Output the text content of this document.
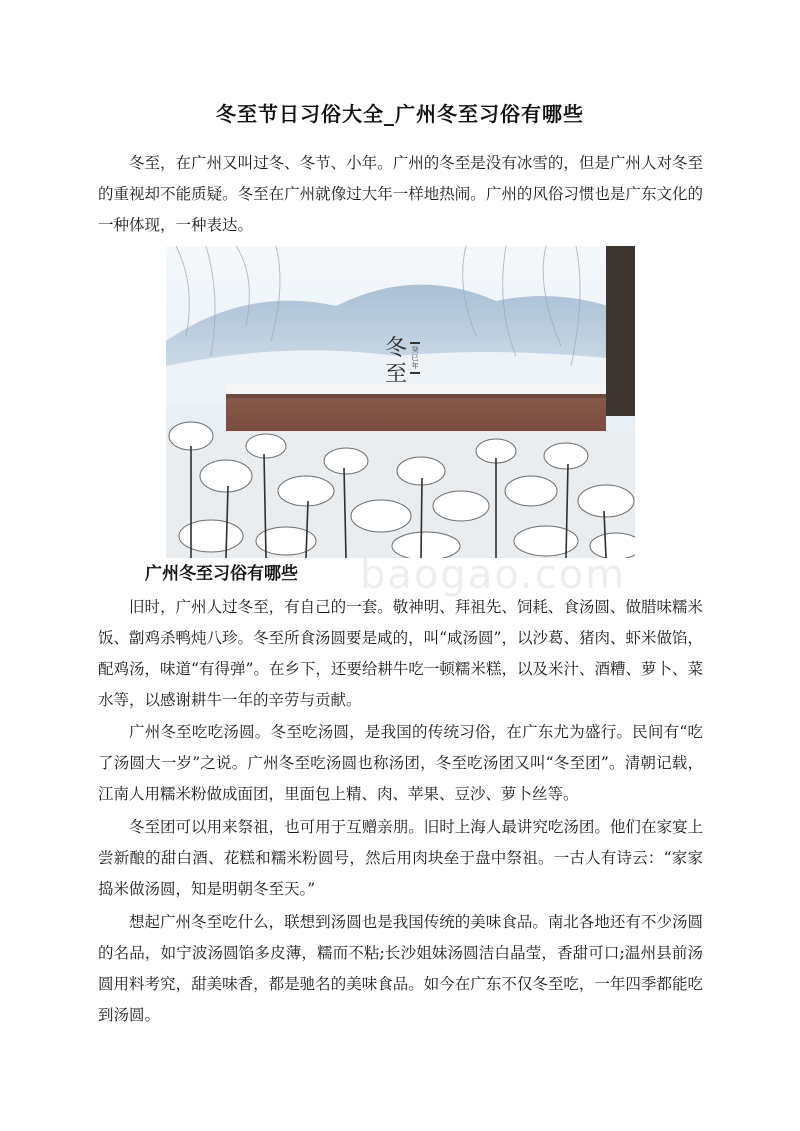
冬至节日习俗大全_广州冬至习俗有哪些
冬至，在广州又叫过冬、冬节、小年。广州的冬至是没有冰雪的，但是广州人对冬至的重视却不能质疑。冬至在广州就像过大年一样地热闹。广州的风俗习惯也是广东文化的一种体现，一种表达。
冬至
癸巳年
baogao.com
广州冬至习俗有哪些
旧时，广州人过冬至，有自己的一套。敬神明、拜祖先、饲耗、食汤圆、做腊味糯米饭、劏鸡杀鸭炖八珍。冬至所食汤圆要是咸的，叫“咸汤圆”，以沙葛、猪肉、虾米做馅，配鸡汤，味道“有得弹”。在乡下，还要给耕牛吃一顿糯米糕，以及米汁、酒糟、萝卜、菜水等，以感谢耕牛一年的辛劳与贡献。
广州冬至吃吃汤圆。冬至吃汤圆，是我国的传统习俗，在广东尤为盛行。民间有“吃了汤圆大一岁”之说。广州冬至吃汤圆也称汤团，冬至吃汤团又叫“冬至团”。清朝记载，江南人用糯米粉做成面团，里面包上精、肉、苹果、豆沙、萝卜丝等。
冬至团可以用来祭祖，也可用于互赠亲朋。旧时上海人最讲究吃汤团。他们在家宴上尝新酿的甜白酒、花糕和糯米粉圆号，然后用肉块垒于盘中祭祖。一古人有诗云：“家家捣米做汤圆，知是明朝冬至天。”
想起广州冬至吃什么，联想到汤圆也是我国传统的美味食品。南北各地还有不少汤圆的名品，如宁波汤圆馅多皮薄，糯而不粘;长沙姐妹汤圆洁白晶莹，香甜可口;温州县前汤圆用料考究，甜美味香，都是驰名的美味食品。如今在广东不仅冬至吃，一年四季都能吃到汤圆。
